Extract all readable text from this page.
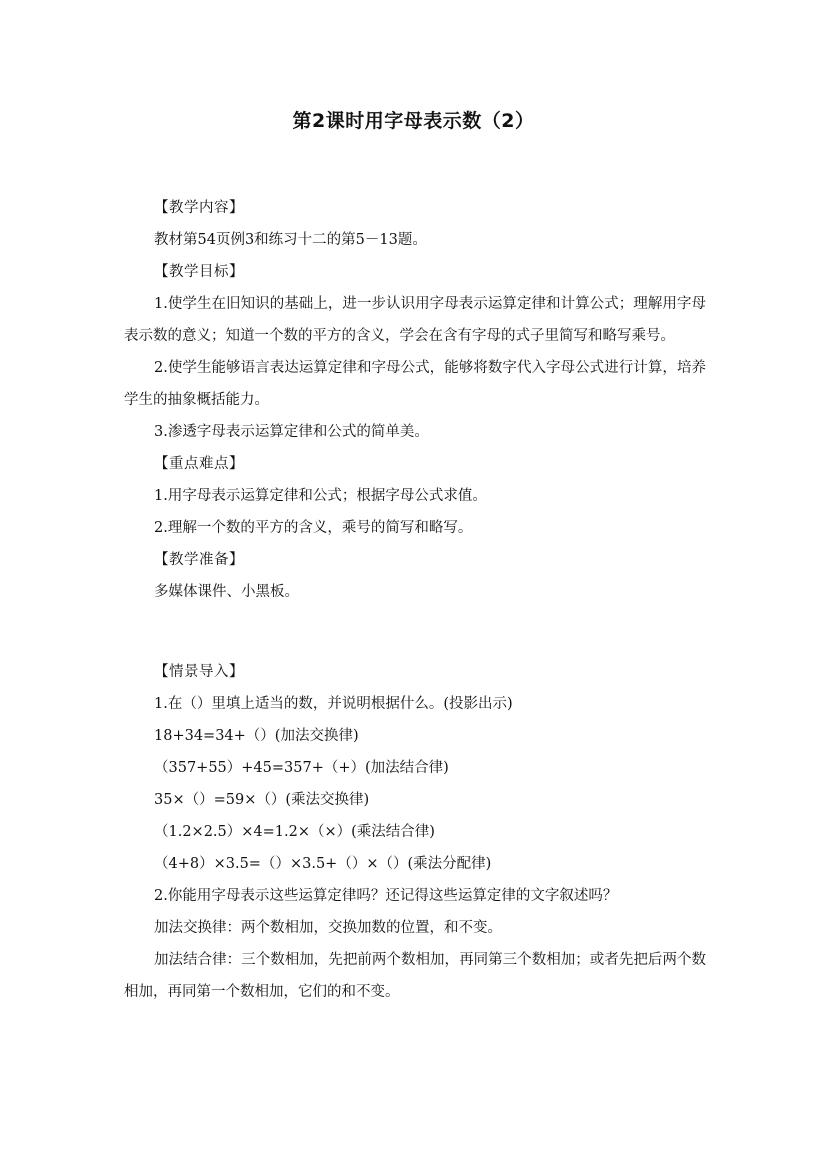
第2课时用字母表示数（2）

【教学内容】

教材第54页例3和练习十二的第5－13题。

【教学目标】

1.使学生在旧知识的基础上，进一步认识用字母表示运算定律和计算公式；理解用字母表示数的意义；知道一个数的平方的含义，学会在含有字母的式子里简写和略写乘号。

2.使学生能够语言表达运算定律和字母公式，能够将数字代入字母公式进行计算，培养学生的抽象概括能力。

3.渗透字母表示运算定律和公式的简单美。

【重点难点】

1.用字母表示运算定律和公式；根据字母公式求值。

2.理解一个数的平方的含义，乘号的简写和略写。

【教学准备】

多媒体课件、小黑板。

【情景导入】

1.在（）里填上适当的数，并说明根据什么。(投影出示)

18+34=34+（）(加法交换律)

（357+55）+45=357+（+）(加法结合律)

35×（）=59×（）(乘法交换律)

（1.2×2.5）×4=1.2×（×）(乘法结合律)

（4+8）×3.5=（）×3.5+（）×（）(乘法分配律)

2.你能用字母表示这些运算定律吗？还记得这些运算定律的文字叙述吗？

加法交换律：两个数相加，交换加数的位置，和不变。

加法结合律：三个数相加，先把前两个数相加，再同第三个数相加；或者先把后两个数相加，再同第一个数相加，它们的和不变。
